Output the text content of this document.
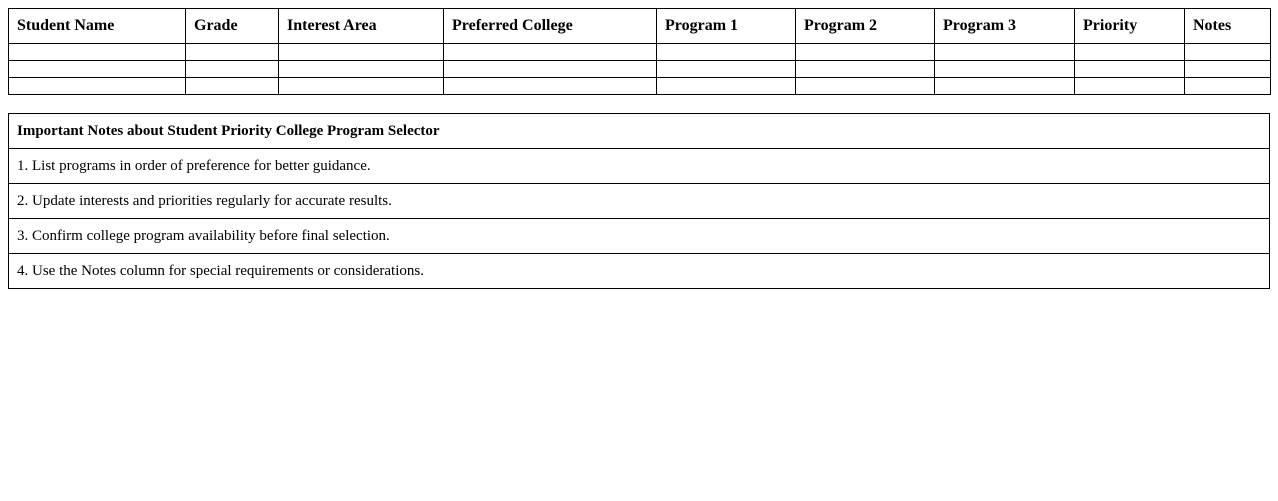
Student Name	Grade	Interest Area	Preferred College	Program 1	Program 2	Program 3	Priority	Notes

Important Notes about Student Priority College Program Selector
1. List programs in order of preference for better guidance.
2. Update interests and priorities regularly for accurate results.
3. Confirm college program availability before final selection.
4. Use the Notes column for special requirements or considerations.
